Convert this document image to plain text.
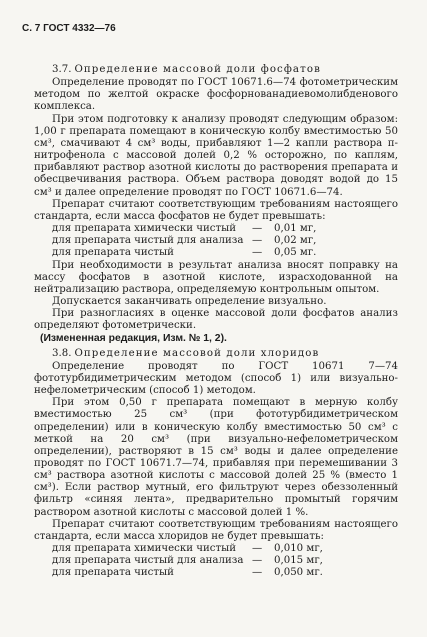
С. 7 ГОСТ 4332—76

3.7. Определение массовой доли фосфатов

Определение проводят по ГОСТ 10671.6—74 фотометрическим методом по желтой окраске фосфорнованадиевомолибденового комплекса.

При этом подготовку к анализу проводят следующим образом: 1,00 г препарата помещают в коническую колбу вместимостью 50 см³, смачивают 4 см³ воды, прибавляют 1—2 капли раствора п-нитрофенола с массовой долей 0,2 % осторожно, по каплям, прибавляют раствор азотной кислоты до растворения препарата и обесцвечивания раствора. Объем раствора доводят водой до 15 см³ и далее определение проводят по ГОСТ 10671.6—74.

Препарат считают соответствующим требованиям настоящего стандарта, если масса фосфатов не будет превышать:

для препарата химически чистый	—	0,01 мг,
для препарата чистый для анализа —	0,02 мг,
для препарата чистый	—	0,05 мг.

При необходимости в результат анализа вносят поправку на массу фосфатов в азотной кислоте, израсходованной на нейтрализацию раствора, определяемую контрольным опытом.

Допускается заканчивать определение визуально.

При разногласиях в оценке массовой доли фосфатов анализ определяют фотометрически.

(Измененная редакция, Изм. № 1, 2).

3.8. Определение массовой доли хлоридов

Определение проводят по ГОСТ 10671 7—74 фототурбидиметрическим методом (способ 1) или визуально-нефелометрическим (способ 1) методом.

При этом 0,50 г препарата помещают в мерную колбу вместимостью 25 см³ (при фототурбидиметрическом определении) или в коническую колбу вместимостью 50 см³ с меткой на 20 см³ (при визуально-нефелометрическом определении), растворяют в 15 см³ воды и далее определение проводят по ГОСТ 10671.7—74, прибавляя при перемешивании 3 см³ раствора азотной кислоты с массовой долей 25 % (вместо 1 см³). Если раствор мутный, его фильтруют через обеззоленный фильтр «синяя лента», предварительно промытый горячим раствором азотной кислоты с массовой долей 1 %.

Препарат считают соответствующим требованиям настоящего стандарта, если масса хлоридов не будет превышать:

для препарата химически чистый	—	0,010 мг,
для препарата чистый для анализа —	0,015 мг,
для препарата чистый	—	0,050 мг.
